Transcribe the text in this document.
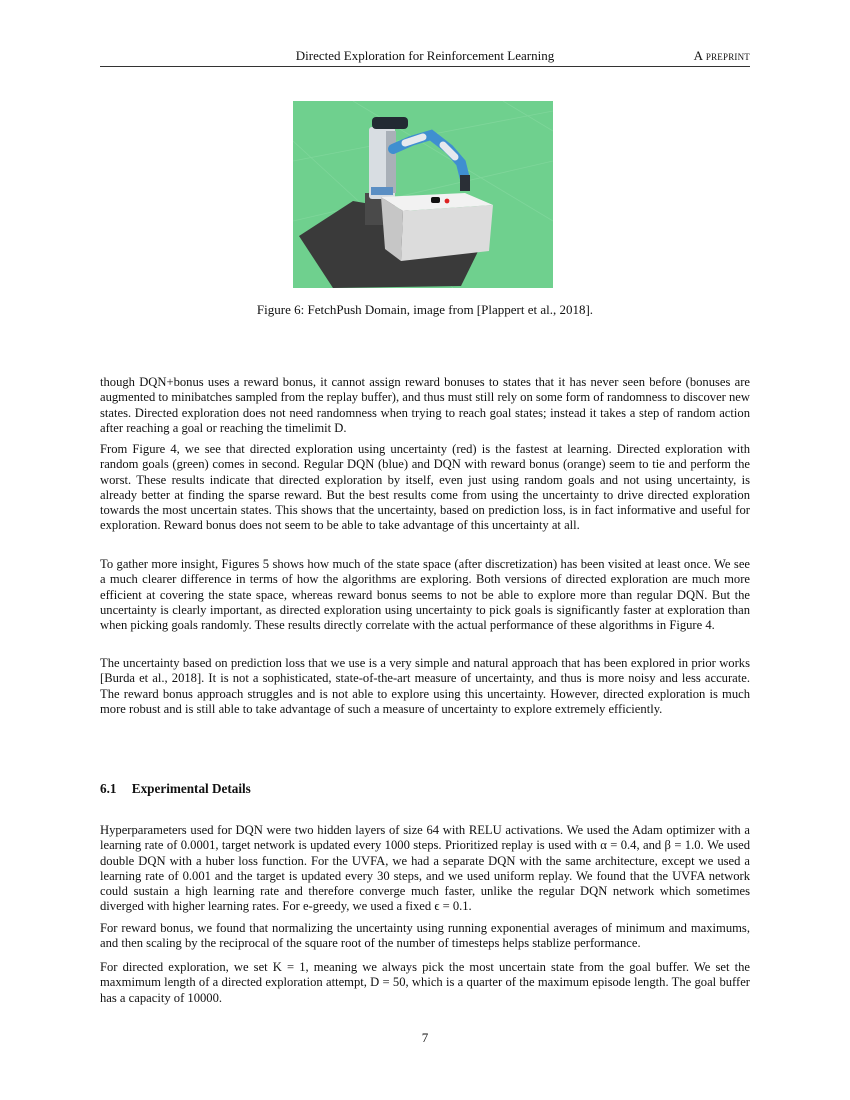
Directed Exploration for Reinforcement Learning	A preprint
Figure 6: FetchPush Domain, image from [Plappert et al., 2018].

though DQN+bonus uses a reward bonus, it cannot assign reward bonuses to states that it has never seen before (bonuses are augmented to minibatches sampled from the replay buffer), and thus must still rely on some form of randomness to discover new states. Directed exploration does not need randomness when trying to reach goal states; instead it takes a step of random action after reaching a goal or reaching the timelimit D.

From Figure 4, we see that directed exploration using uncertainty (red) is the fastest at learning. Directed exploration with random goals (green) comes in second. Regular DQN (blue) and DQN with reward bonus (orange) seem to tie and perform the worst. These results indicate that directed exploration by itself, even just using random goals and not using uncertainty, is already better at finding the sparse reward. But the best results come from using the uncertainty to drive directed exploration towards the most uncertain states. This shows that the uncertainty, based on prediction loss, is in fact informative and useful for exploration. Reward bonus does not seem to be able to take advantage of this uncertainty at all.

To gather more insight, Figures 5 shows how much of the state space (after discretization) has been visited at least once. We see a much clearer difference in terms of how the algorithms are exploring. Both versions of directed exploration are much more efficient at covering the state space, whereas reward bonus seems to not be able to explore more than regular DQN. But the uncertainty is clearly important, as directed exploration using uncertainty to pick goals is significantly faster at exploration than when picking goals randomly. These results directly correlate with the actual performance of these algorithms in Figure 4.

The uncertainty based on prediction loss that we use is a very simple and natural approach that has been explored in prior works [Burda et al., 2018]. It is not a sophisticated, state-of-the-art measure of uncertainty, and thus is more noisy and less accurate. The reward bonus approach struggles and is not able to explore using this uncertainty. However, directed exploration is much more robust and is still able to take advantage of such a measure of uncertainty to explore extremely efficiently.

6.1 Experimental Details

Hyperparameters used for DQN were two hidden layers of size 64 with RELU activations. We used the Adam optimizer with a learning rate of 0.0001, target network is updated every 1000 steps. Prioritized replay is used with α = 0.4, and β = 1.0. We used double DQN with a huber loss function. For the UVFA, we had a separate DQN with the same architecture, except we used a learning rate of 0.001 and the target is updated every 30 steps, and we used uniform replay. We found that the UVFA network could sustain a high learning rate and therefore converge much faster, unlike the regular DQN network which sometimes diverged with higher learning rates. For e-greedy, we used a fixed ϵ = 0.1.

For reward bonus, we found that normalizing the uncertainty using running exponential averages of minimum and maximums, and then scaling by the reciprocal of the square root of the number of timesteps helps stablize performance.

For directed exploration, we set K = 1, meaning we always pick the most uncertain state from the goal buffer. We set the maxmimum length of a directed exploration attempt, D = 50, which is a quarter of the maximum episode length. The goal buffer has a capacity of 10000.

7
